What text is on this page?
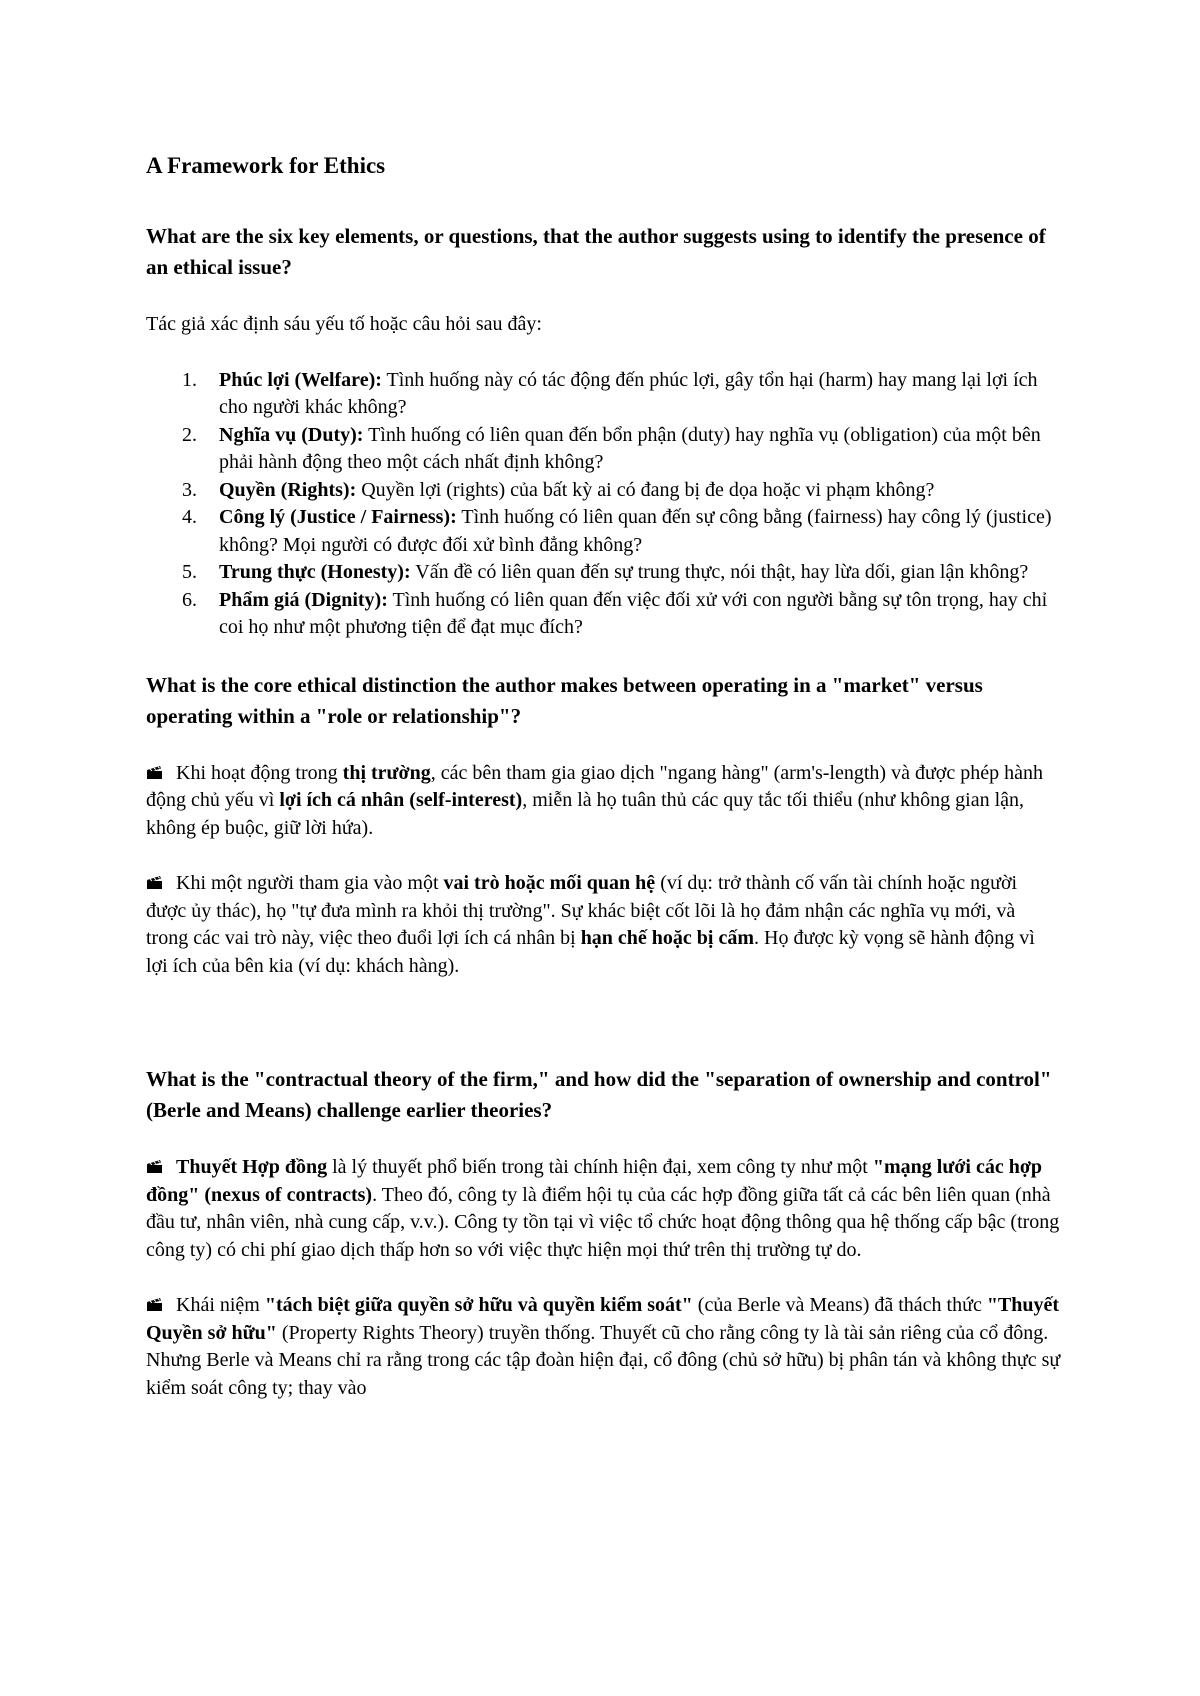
A Framework for Ethics
What are the six key elements, or questions, that the author suggests using to identify the presence of an ethical issue?
Tác giả xác định sáu yếu tố hoặc câu hỏi sau đây:
1. Phúc lợi (Welfare): Tình huống này có tác động đến phúc lợi, gây tổn hại (harm) hay mang lại lợi ích cho người khác không?
2. Nghĩa vụ (Duty): Tình huống có liên quan đến bổn phận (duty) hay nghĩa vụ (obligation) của một bên phải hành động theo một cách nhất định không?
3. Quyền (Rights): Quyền lợi (rights) của bất kỳ ai có đang bị đe dọa hoặc vi phạm không?
4. Công lý (Justice / Fairness): Tình huống có liên quan đến sự công bằng (fairness) hay công lý (justice) không? Mọi người có được đối xử bình đẳng không?
5. Trung thực (Honesty): Vấn đề có liên quan đến sự trung thực, nói thật, hay lừa dối, gian lận không?
6. Phẩm giá (Dignity): Tình huống có liên quan đến việc đối xử với con người bằng sự tôn trọng, hay chỉ coi họ như một phương tiện để đạt mục đích?
What is the core ethical distinction the author makes between operating in a "market" versus operating within a "role or relationship"?
Khi hoạt động trong thị trường, các bên tham gia giao dịch "ngang hàng" (arm's-length) và được phép hành động chủ yếu vì lợi ích cá nhân (self-interest), miễn là họ tuân thủ các quy tắc tối thiểu (như không gian lận, không ép buộc, giữ lời hứa).
Khi một người tham gia vào một vai trò hoặc mối quan hệ (ví dụ: trở thành cố vấn tài chính hoặc người được ủy thác), họ "tự đưa mình ra khỏi thị trường". Sự khác biệt cốt lõi là họ đảm nhận các nghĩa vụ mới, và trong các vai trò này, việc theo đuổi lợi ích cá nhân bị hạn chế hoặc bị cấm. Họ được kỳ vọng sẽ hành động vì lợi ích của bên kia (ví dụ: khách hàng).
What is the "contractual theory of the firm," and how did the "separation of ownership and control" (Berle and Means) challenge earlier theories?
Thuyết Hợp đồng là lý thuyết phổ biến trong tài chính hiện đại, xem công ty như một "mạng lưới các hợp đồng" (nexus of contracts). Theo đó, công ty là điểm hội tụ của các hợp đồng giữa tất cả các bên liên quan (nhà đầu tư, nhân viên, nhà cung cấp, v.v.). Công ty tồn tại vì việc tổ chức hoạt động thông qua hệ thống cấp bậc (trong công ty) có chi phí giao dịch thấp hơn so với việc thực hiện mọi thứ trên thị trường tự do.
Khái niệm "tách biệt giữa quyền sở hữu và quyền kiểm soát" (của Berle và Means) đã thách thức "Thuyết Quyền sở hữu" (Property Rights Theory) truyền thống. Thuyết cũ cho rằng công ty là tài sản riêng của cổ đông. Nhưng Berle và Means chỉ ra rằng trong các tập đoàn hiện đại, cổ đông (chủ sở hữu) bị phân tán và không thực sự kiểm soát công ty; thay vào
